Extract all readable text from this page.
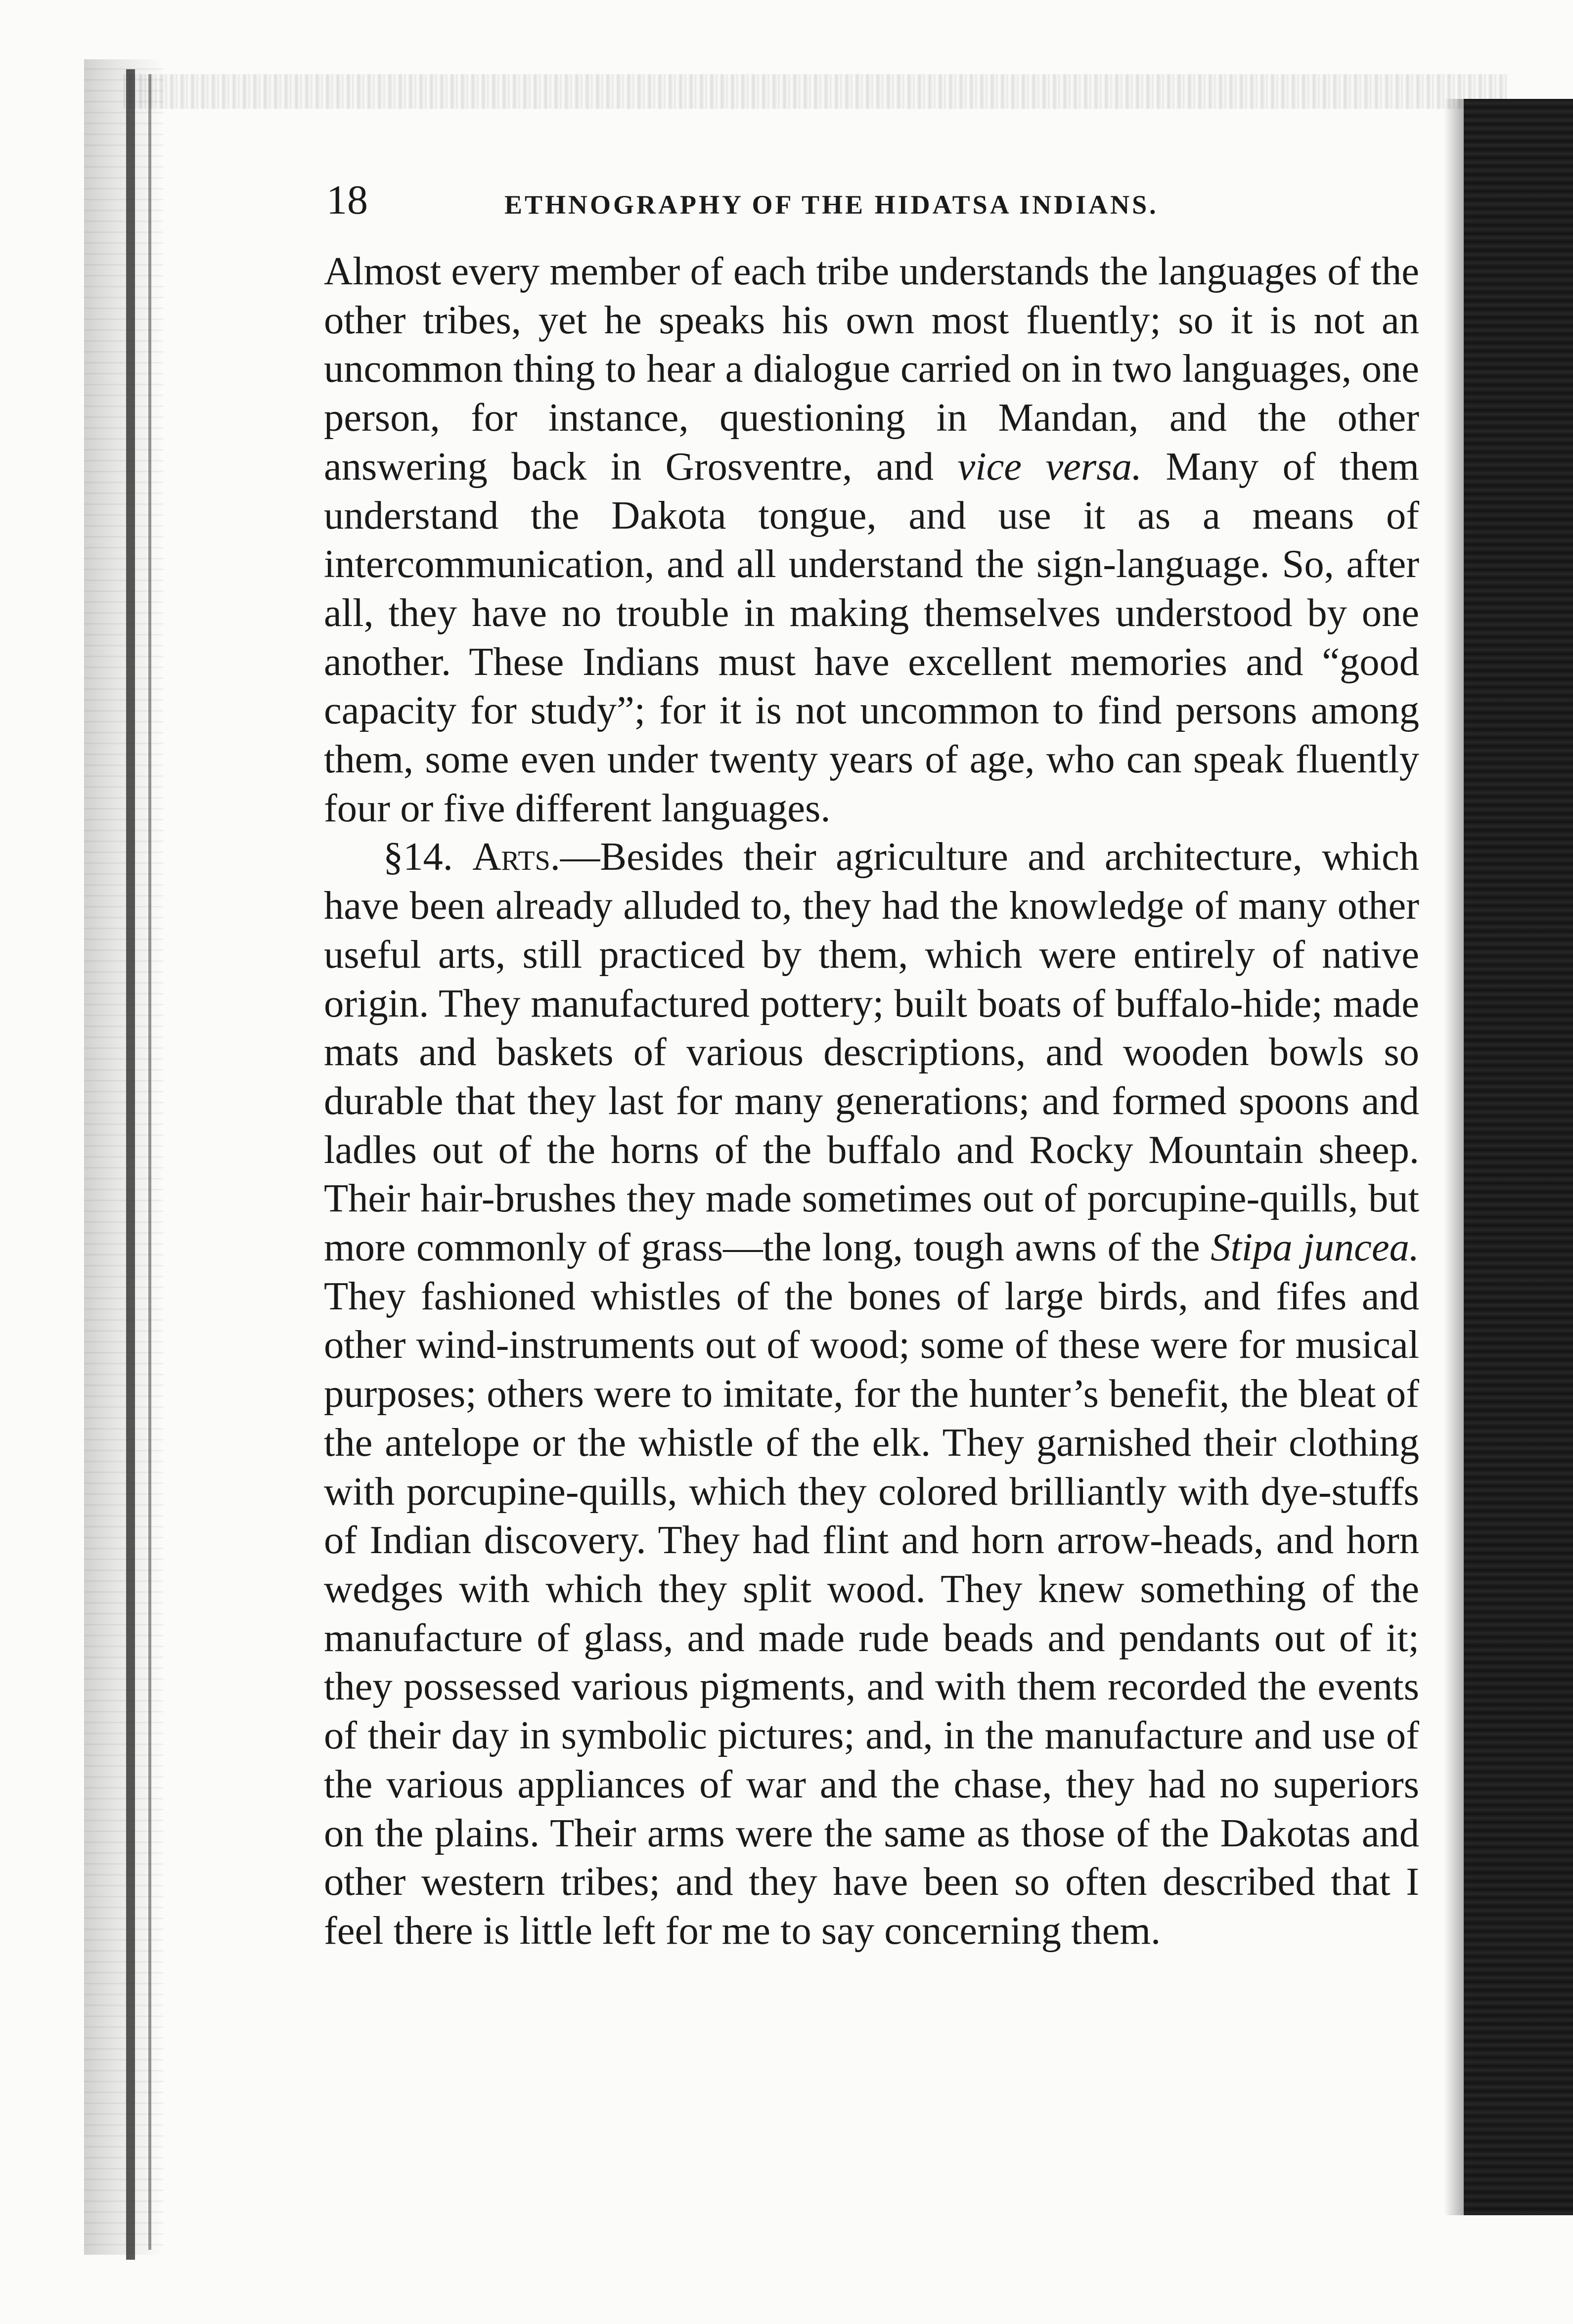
18	ETHNOGRAPHY OF THE HIDATSA INDIANS.

Almost every member of each tribe understands the languages of the other tribes, yet he speaks his own most fluently; so it is not an uncommon thing to hear a dialogue carried on in two languages, one person, for instance, questioning in Mandan, and the other answering back in Grosventre, and vice versa. Many of them understand the Dakota tongue, and use it as a means of intercommunication, and all understand the sign-language. So, after all, they have no trouble in making themselves understood by one another. These Indians must have excellent memories and “good capacity for study”; for it is not uncommon to find persons among them, some even under twenty years of age, who can speak fluently four or five different languages.

§14. Arts.—Besides their agriculture and architecture, which have been already alluded to, they had the knowledge of many other useful arts, still practiced by them, which were entirely of native origin. They manufactured pottery; built boats of buffalo-hide; made mats and baskets of various descriptions, and wooden bowls so durable that they last for many generations; and formed spoons and ladles out of the horns of the buffalo and Rocky Mountain sheep. Their hair-brushes they made sometimes out of porcupine-quills, but more commonly of grass—the long, tough awns of the Stipa juncea. They fashioned whistles of the bones of large birds, and fifes and other wind-instruments out of wood; some of these were for musical purposes; others were to imitate, for the hunter’s benefit, the bleat of the antelope or the whistle of the elk. They garnished their clothing with porcupine-quills, which they colored brilliantly with dye-stuffs of Indian discovery. They had flint and horn arrow-heads, and horn wedges with which they split wood. They knew something of the manufacture of glass, and made rude beads and pendants out of it; they possessed various pigments, and with them recorded the events of their day in symbolic pictures; and, in the manufacture and use of the various appliances of war and the chase, they had no superiors on the plains. Their arms were the same as those of the Dakotas and other western tribes; and they have been so often described that I feel there is little left for me to say concerning them.
